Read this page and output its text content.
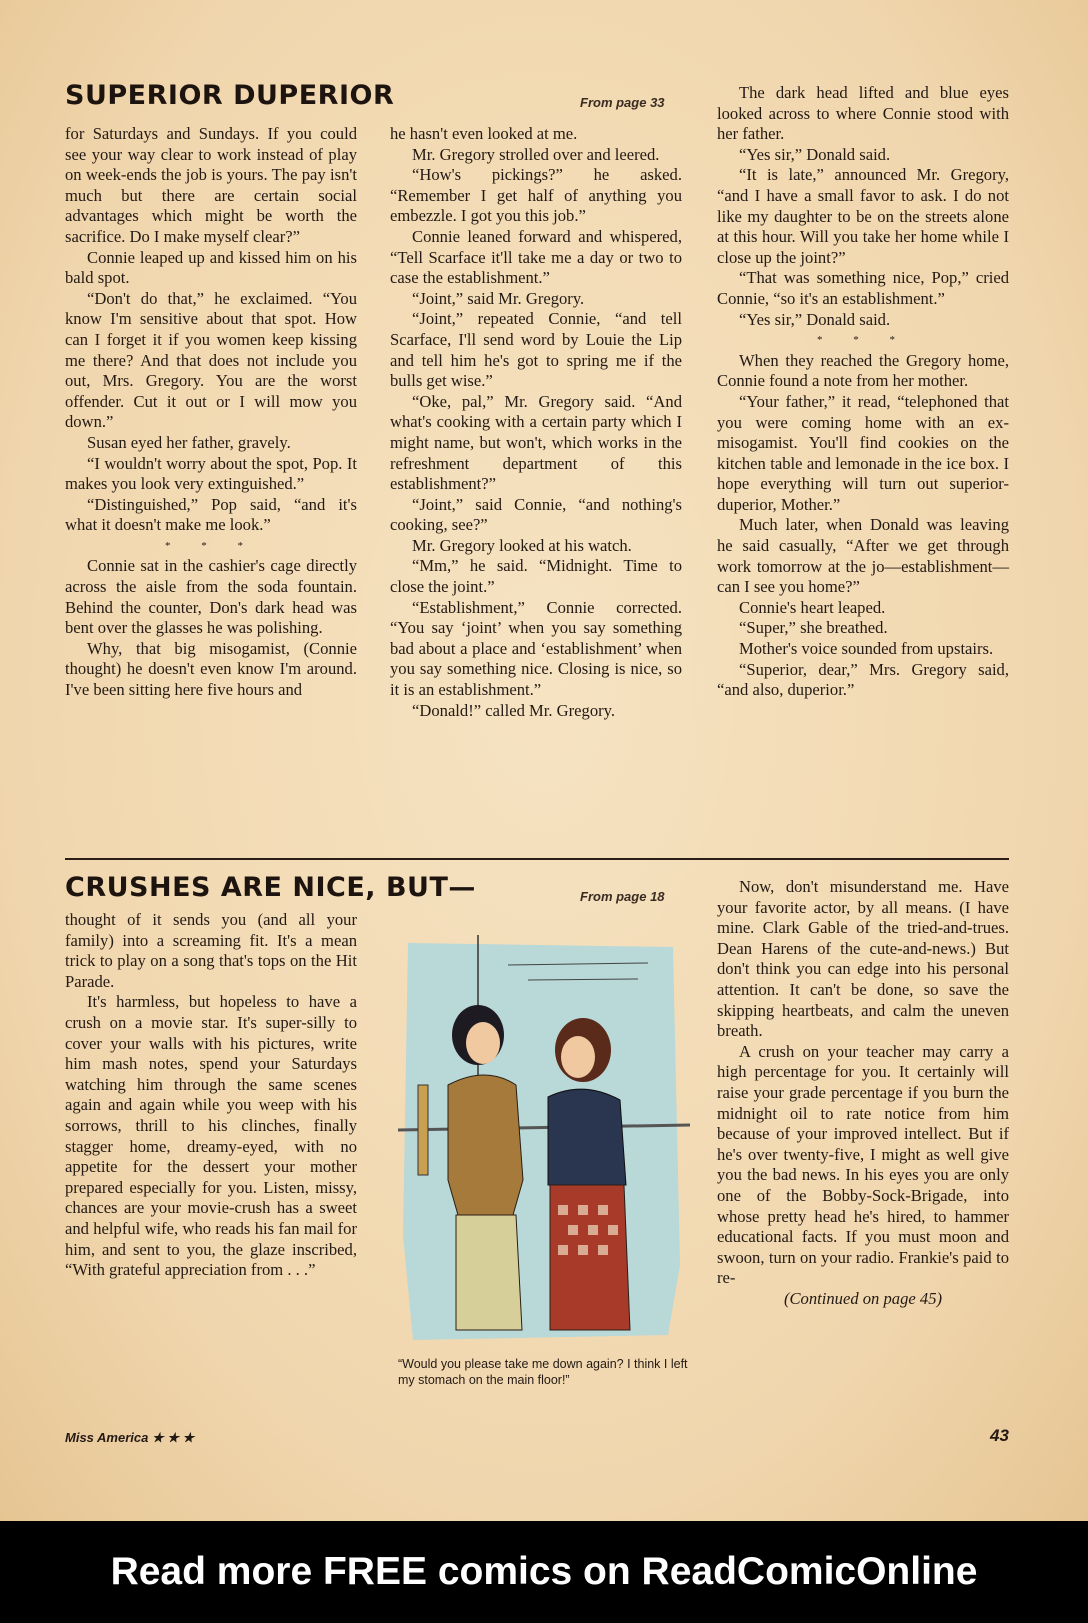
SUPERIOR DUPERIOR	From page 33

for Saturdays and Sundays. If you could see your way clear to work instead of play on week-ends the job is yours. The pay isn't much but there are certain social advantages which might be worth the sacrifice. Do I make myself clear?”

Connie leaped up and kissed him on his bald spot.

“Don't do that,” he exclaimed. “You know I'm sensitive about that spot. How can I forget it if you women keep kissing me there? And that does not include you out, Mrs. Gregory. You are the worst offender. Cut it out or I will mow you down.”

Susan eyed her father, gravely.

“I wouldn't worry about the spot, Pop. It makes you look very extinguished.”

“Distinguished,” Pop said, “and it's what it doesn't make me look.”

* * *

Connie sat in the cashier's cage directly across the aisle from the soda fountain. Behind the counter, Don's dark head was bent over the glasses he was polishing.

Why, that big misogamist, (Connie thought) he doesn't even know I'm around. I've been sitting here five hours and

he hasn't even looked at me.

Mr. Gregory strolled over and leered.

“How's pickings?” he asked. “Remember I get half of anything you embezzle. I got you this job.”

Connie leaned forward and whispered, “Tell Scarface it'll take me a day or two to case the establishment.”

“Joint,” said Mr. Gregory.

“Joint,” repeated Connie, “and tell Scarface, I'll send word by Louie the Lip and tell him he's got to spring me if the bulls get wise.”

“Oke, pal,” Mr. Gregory said. “And what's cooking with a certain party which I might name, but won't, which works in the refreshment department of this establishment?”

“Joint,” said Connie, “and nothing's cooking, see?”

Mr. Gregory looked at his watch.

“Mm,” he said. “Midnight. Time to close the joint.”

“Establishment,” Connie corrected. “You say ‘joint’ when you say something bad about a place and ‘establishment’ when you say something nice. Closing is nice, so it is an establishment.”

“Donald!” called Mr. Gregory.

The dark head lifted and blue eyes looked across to where Connie stood with her father.

“Yes sir,” Donald said.

“It is late,” announced Mr. Gregory, “and I have a small favor to ask. I do not like my daughter to be on the streets alone at this hour. Will you take her home while I close up the joint?”

“That was something nice, Pop,” cried Connie, “so it's an establishment.”

“Yes sir,” Donald said.

* * *

When they reached the Gregory home, Connie found a note from her mother.

“Your father,” it read, “telephoned that you were coming home with an ex-misogamist. You'll find cookies on the kitchen table and lemonade in the ice box. I hope everything will turn out superior-duperior, Mother.”

Much later, when Donald was leaving he said casually, “After we get through work tomorrow at the jo—establishment—can I see you home?”

Connie's heart leaped.

“Super,” she breathed.

Mother's voice sounded from upstairs.

“Superior, dear,” Mrs. Gregory said, “and also, duperior.”

CRUSHES ARE NICE, BUT—	From page 18

thought of it sends you (and all your family) into a screaming fit. It's a mean trick to play on a song that's tops on the Hit Parade.

It's harmless, but hopeless to have a crush on a movie star. It's super-silly to cover your walls with his pictures, write him mash notes, spend your Saturdays watching him through the same scenes again and again while you weep with his sorrows, thrill to his clinches, finally stagger home, dreamy-eyed, with no appetite for the dessert your mother prepared especially for you. Listen, missy, chances are your movie-crush has a sweet and helpful wife, who reads his fan mail for him, and sent to you, the glaze inscribed, “With grateful appreciation from . . .”

“Would you please take me down again? I think I left my stomach on the main floor!”

Now, don't misunderstand me. Have your favorite actor, by all means. (I have mine. Clark Gable of the tried-and-trues. Dean Harens of the cute-and-news.) But don't think you can edge into his personal attention. It can't be done, so save the skipping heartbeats, and calm the uneven breath.

A crush on your teacher may carry a high percentage for you. It certainly will raise your grade percentage if you burn the midnight oil to rate notice from him because of your improved intellect. But if he's over twenty-five, I might as well give you the bad news. In his eyes you are only one of the Bobby-Sock-Brigade, into whose pretty head he's hired, to hammer educational facts. If you must moon and swoon, turn on your radio. Frankie's paid to re-

(Continued on page 45)

Miss America ★ ★ ★	43
Read more FREE comics on ReadComicOnline
